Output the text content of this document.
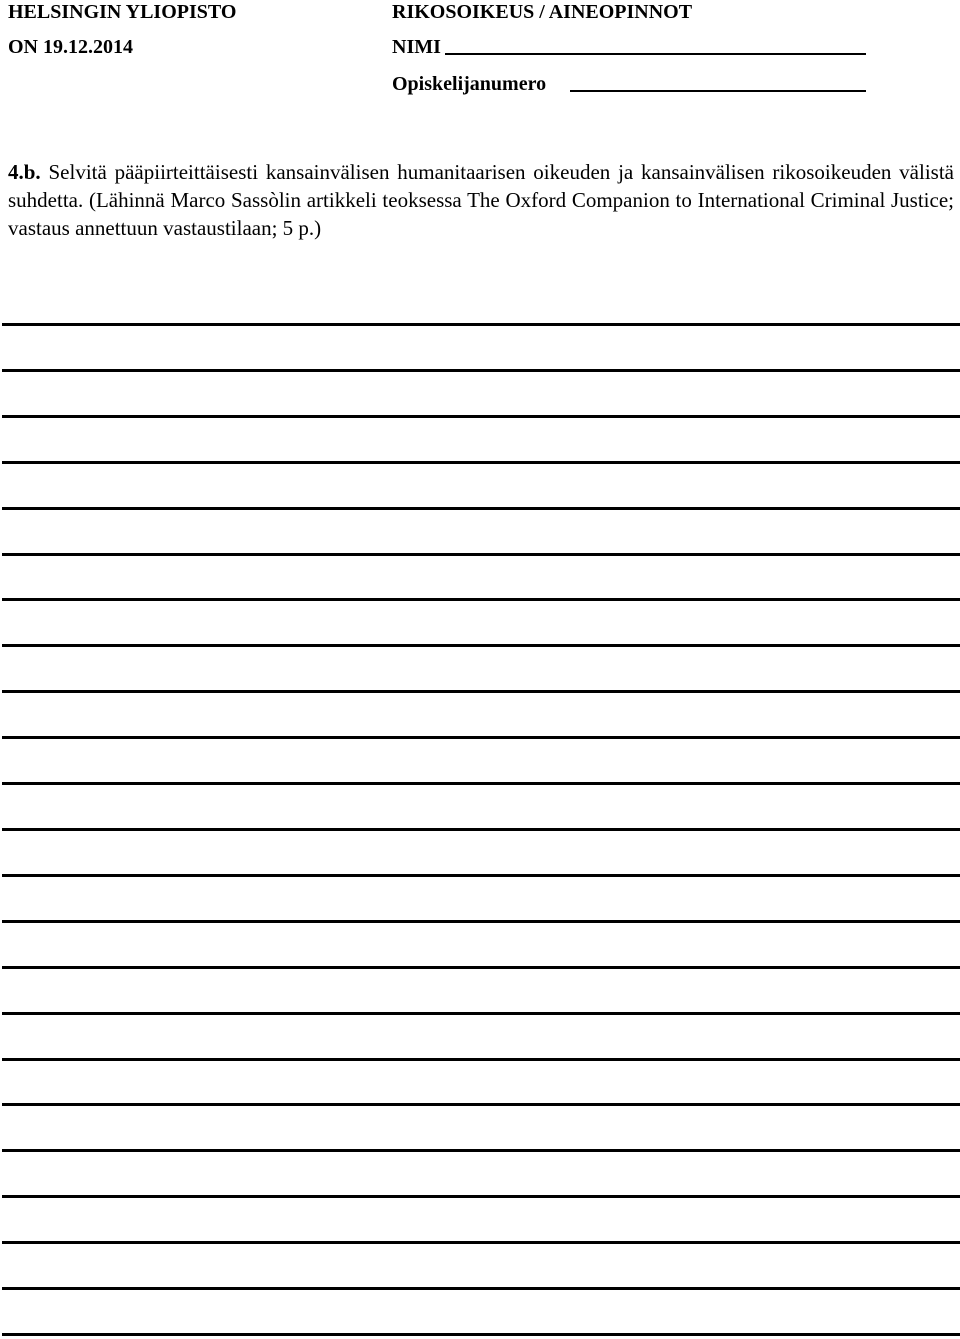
HELSINGIN YLIOPISTO	RIKOSOIKEUS / AINEOPINNOT
ON 19.12.2014	NIMI
Opiskelijanumero
4.b. Selvitä pääpiirteittäisesti kansainvälisen humanitaarisen oikeuden ja kansainvälisen rikosoikeuden välistä suhdetta. (Lähinnä Marco Sassòlin artikkeli teoksessa The Oxford Companion to International Criminal Justice; vastaus annettuun vastaustilaan; 5 p.)
